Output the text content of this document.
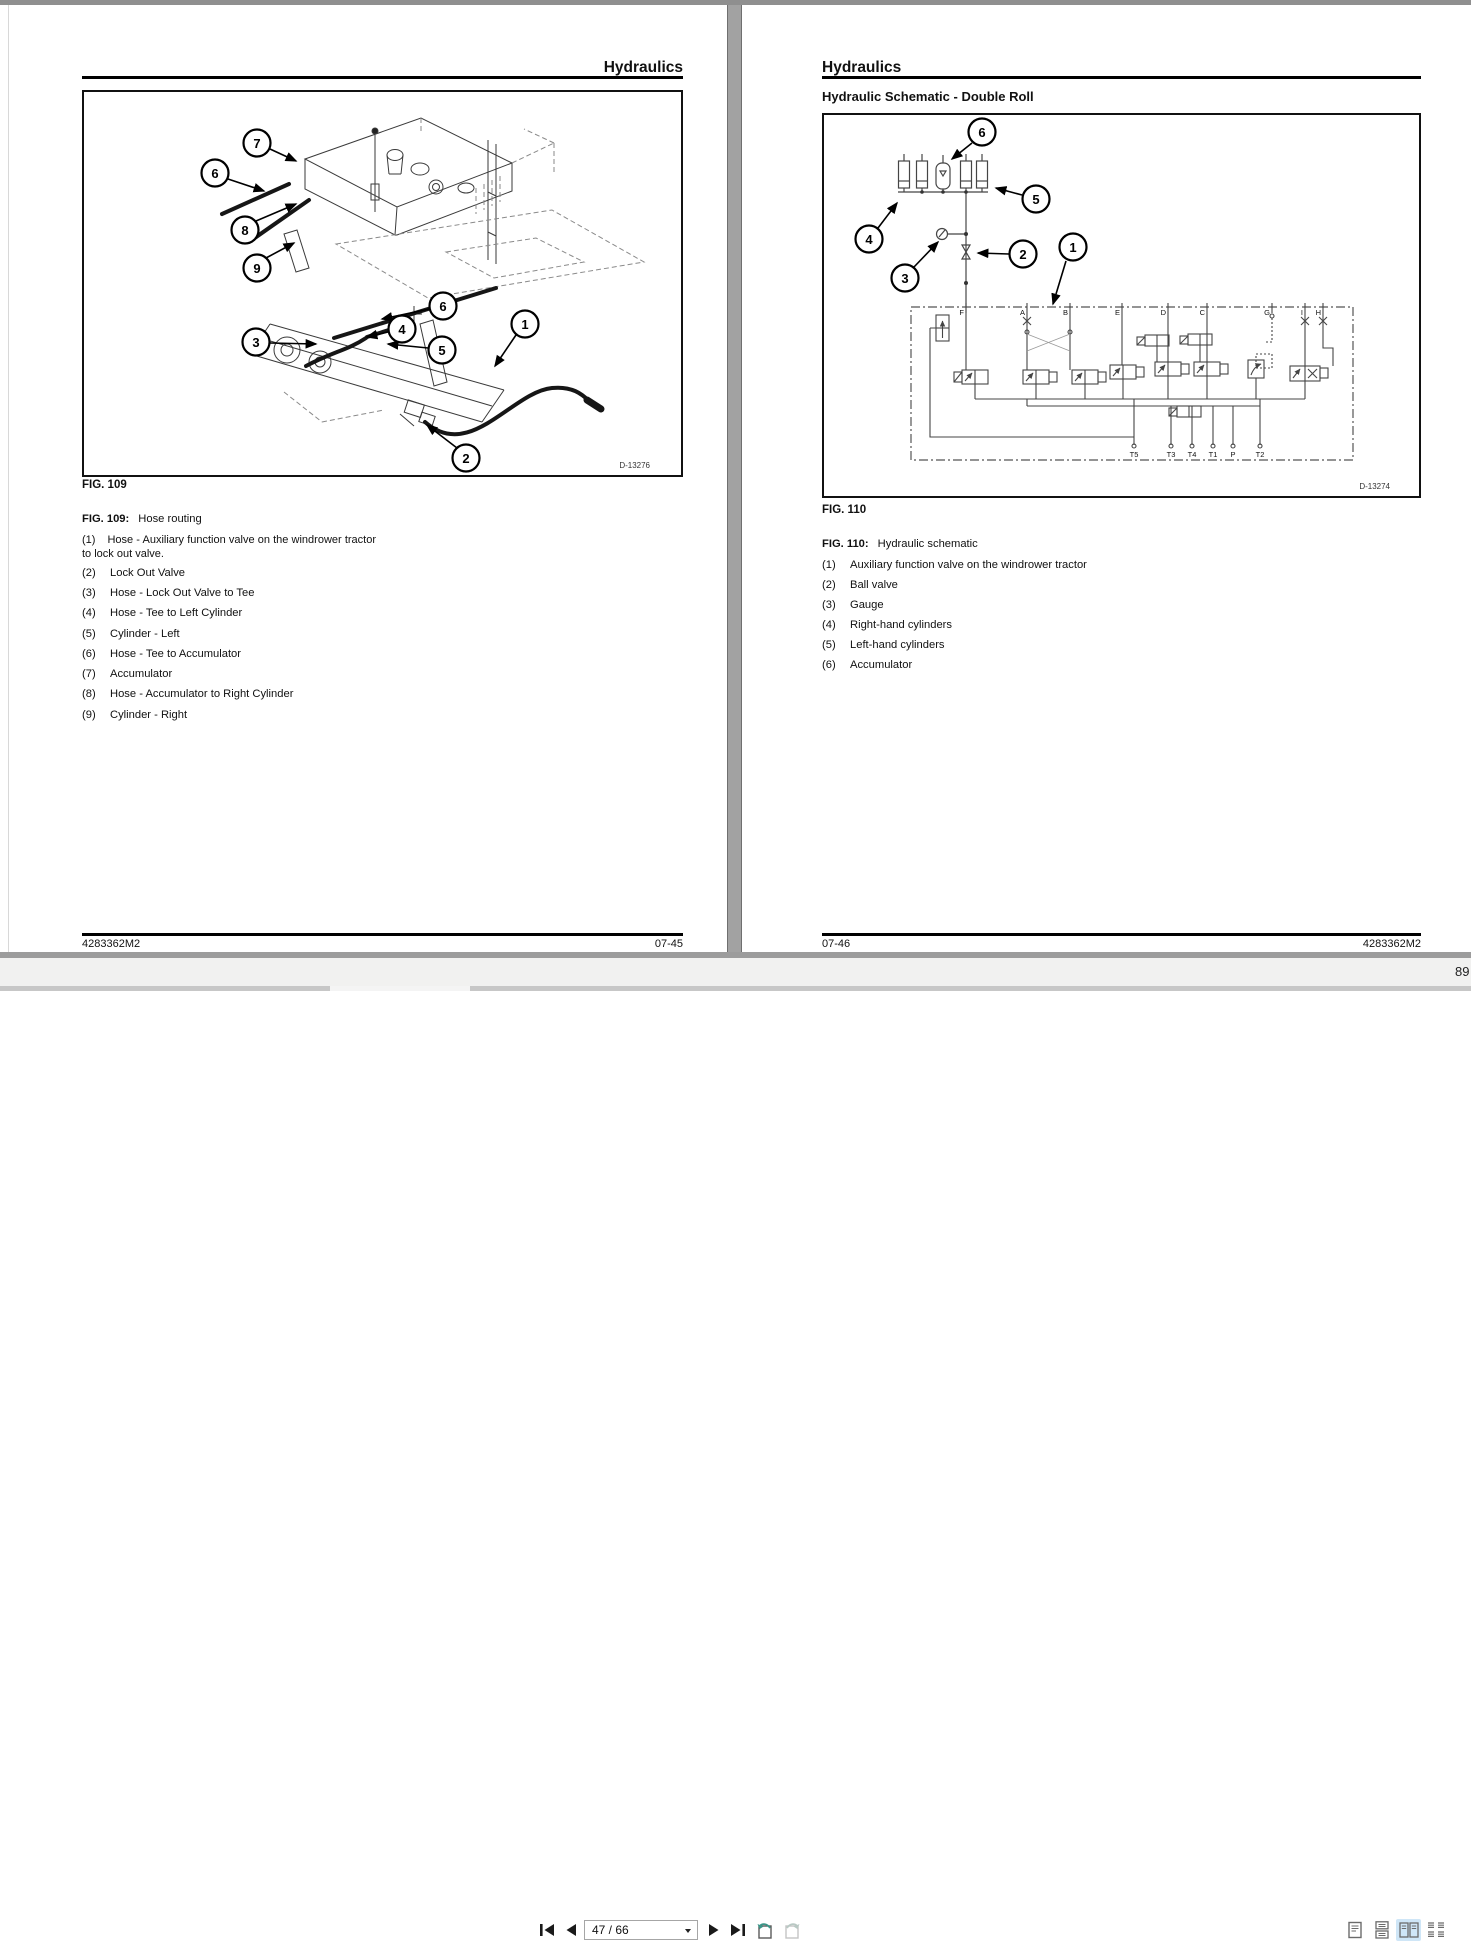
Hydraulics
7
6
8
9
6
4
3
5
1
2	D-13276
FIG. 109
FIG. 109: Hose routing
(1) Hose - Auxiliary function valve on the windrower tractor to lock out valve.
(2) Lock Out Valve
(3) Hose - Lock Out Valve to Tee
(4) Hose - Tee to Left Cylinder
(5) Cylinder - Left
(6) Hose - Tee to Accumulator
(7) Accumulator
(8) Hose - Accumulator to Right Cylinder
(9) Cylinder - Right
4283362M2	07-45
Hydraulics
Hydraulic Schematic - Double Roll
F	A	B	E	D	C	G	I H
T5	T3 T4 T1 P	T2
6
5
4
3
2	1
D-13274
FIG. 110
FIG. 110: Hydraulic schematic
(1) Auxiliary function valve on the windrower tractor
(2) Ball valve
(3) Gauge
(4) Right-hand cylinders
(5) Left-hand cylinders
(6) Accumulator
07-46	4283362M2
47 / 66
89
